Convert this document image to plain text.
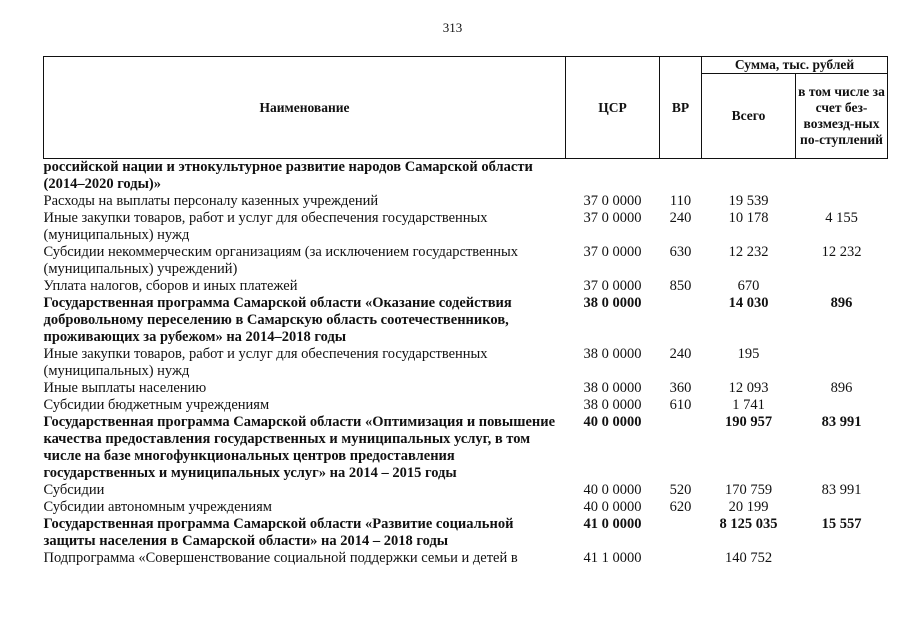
313
Наименование	ЦСР	ВР	Сумма, тыс. рублей	
			Всего	в том числе за счет без-возмезд-ных по-ступлений
российской нации и этнокультурное развитие народов Самарской области (2014–2020 годы)»				
Расходы на выплаты персоналу казенных учреждений	37 0 0000	110	19 539	
Иные закупки товаров, работ и услуг для обеспечения государственных (муниципальных) нужд	37 0 0000	240	10 178	4 155
Субсидии некоммерческим организациям (за исключением государственных (муниципальных) учреждений)	37 0 0000	630	12 232	12 232
Уплата налогов, сборов и иных платежей	37 0 0000	850	670	
Государственная программа Самарской области «Оказание содействия добровольному переселению в Самарскую область соотечественников, проживающих за рубежом» на 2014–2018 годы	38 0 0000		14 030	896
Иные закупки товаров, работ и услуг для обеспечения государственных (муниципальных) нужд	38 0 0000	240	195	
Иные выплаты населению	38 0 0000	360	12 093	896
Субсидии бюджетным учреждениям	38 0 0000	610	1 741	
Государственная программа Самарской области «Оптимизация и повышение качества предоставления государственных и муниципальных услуг, в том числе на базе многофункциональных центров предоставления государственных и муниципальных услуг» на 2014 – 2015 годы	40 0 0000		190 957	83 991
Субсидии	40 0 0000	520	170 759	83 991
Субсидии автономным учреждениям	40 0 0000	620	20 199	
Государственная программа Самарской области «Развитие социальной защиты населения в Самарской области» на 2014 – 2018 годы	41 0 0000		8 125 035	15 557
Подпрограмма «Совершенствование социальной поддержки семьи и детей в	41 1 0000		140 752	
